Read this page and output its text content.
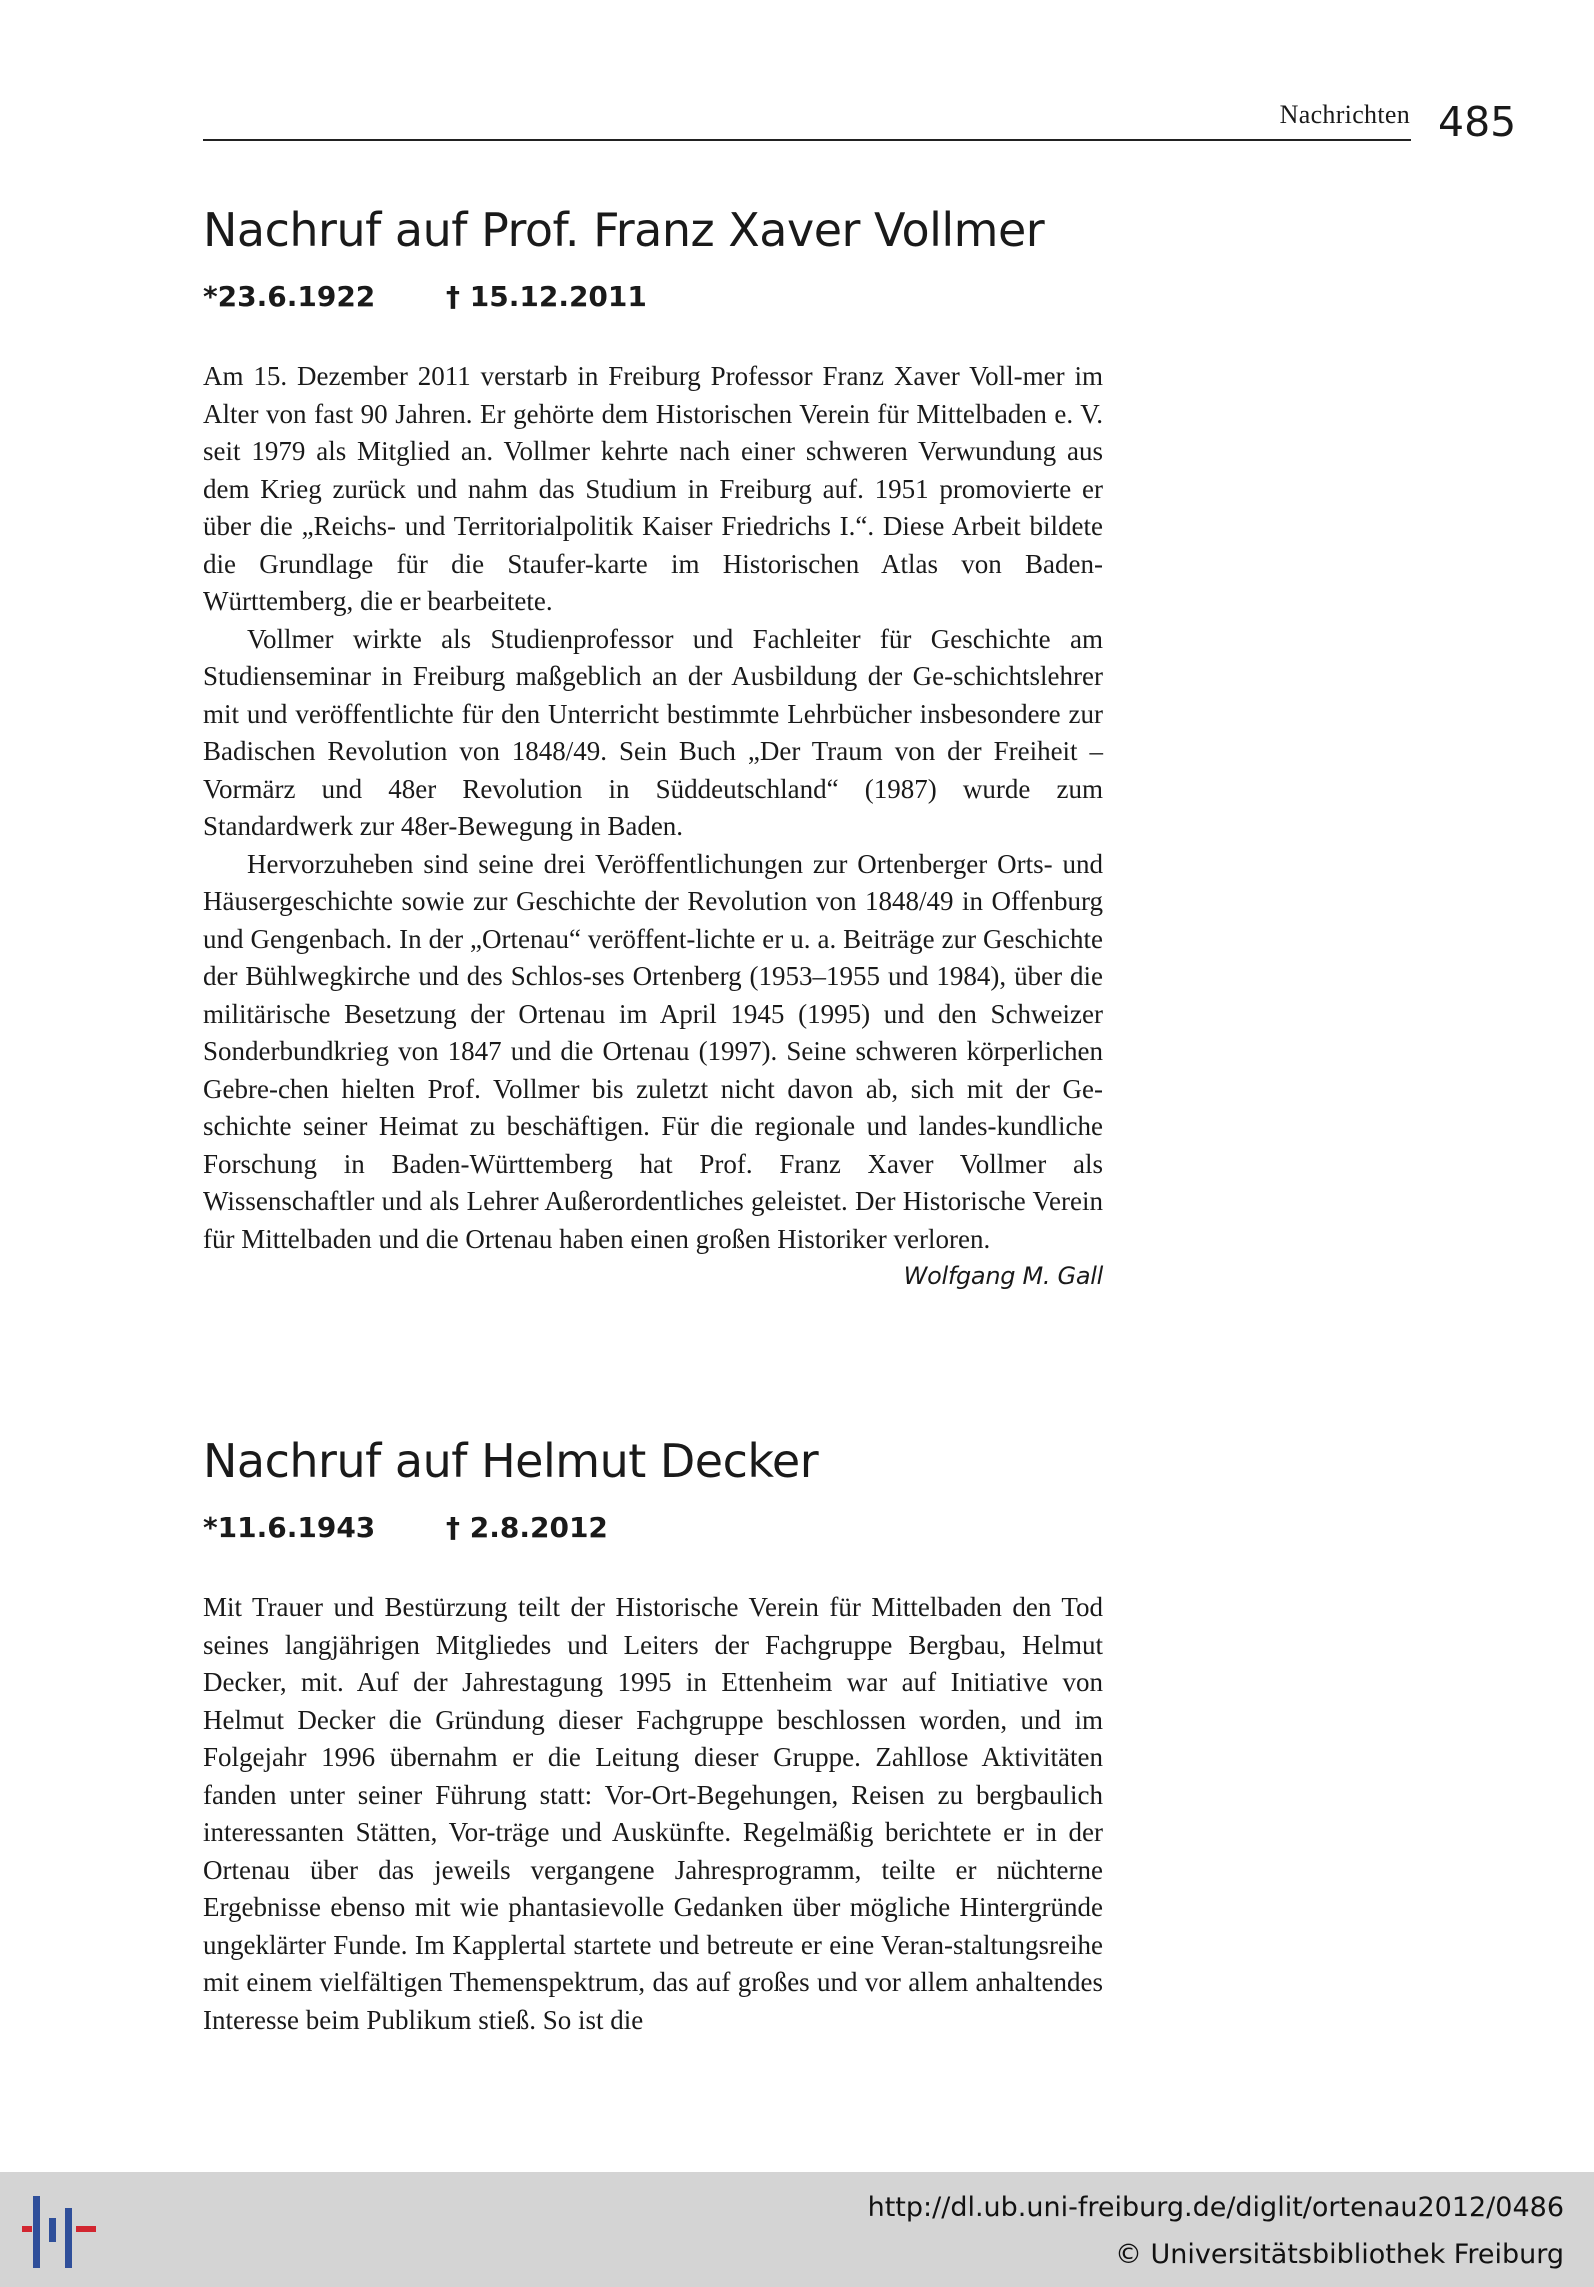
Nachrichten 485
Nachruf auf Prof. Franz Xaver Vollmer
*23.6.1922	† 15.12.2011

Am 15. Dezember 2011 verstarb in Freiburg Professor Franz Xaver Voll-mer im Alter von fast 90 Jahren. Er gehörte dem Historischen Verein für Mittelbaden e. V. seit 1979 als Mitglied an. Vollmer kehrte nach einer schweren Verwundung aus dem Krieg zurück und nahm das Studium in Freiburg auf. 1951 promovierte er über die „Reichs- und Territorialpolitik Kaiser Friedrichs I.“. Diese Arbeit bildete die Grundlage für die Staufer-karte im Historischen Atlas von Baden-Württemberg, die er bearbeitete.

Vollmer wirkte als Studienprofessor und Fachleiter für Geschichte am Studienseminar in Freiburg maßgeblich an der Ausbildung der Ge-schichtslehrer mit und veröffentlichte für den Unterricht bestimmte Lehrbücher insbesondere zur Badischen Revolution von 1848/49. Sein Buch „Der Traum von der Freiheit – Vormärz und 48er Revolution in Süddeutschland“ (1987) wurde zum Standardwerk zur 48er-Bewegung in Baden.

Hervorzuheben sind seine drei Veröffentlichungen zur Ortenberger Orts- und Häusergeschichte sowie zur Geschichte der Revolution von 1848/49 in Offenburg und Gengenbach. In der „Ortenau“ veröffent-lichte er u. a. Beiträge zur Geschichte der Bühlwegkirche und des Schlos-ses Ortenberg (1953–1955 und 1984), über die militärische Besetzung der Ortenau im April 1945 (1995) und den Schweizer Sonderbundkrieg von 1847 und die Ortenau (1997). Seine schweren körperlichen Gebre-chen hielten Prof. Vollmer bis zuletzt nicht davon ab, sich mit der Ge-schichte seiner Heimat zu beschäftigen. Für die regionale und landes-kundliche Forschung in Baden-Württemberg hat Prof. Franz Xaver Vollmer als Wissenschaftler und als Lehrer Außerordentliches geleistet. Der Historische Verein für Mittelbaden und die Ortenau haben einen großen Historiker verloren.
Wolfgang M. Gall

Nachruf auf Helmut Decker
*11.6.1943	† 2.8.2012

Mit Trauer und Bestürzung teilt der Historische Verein für Mittelbaden den Tod seines langjährigen Mitgliedes und Leiters der Fachgruppe Bergbau, Helmut Decker, mit. Auf der Jahrestagung 1995 in Ettenheim war auf Initiative von Helmut Decker die Gründung dieser Fachgruppe beschlossen worden, und im Folgejahr 1996 übernahm er die Leitung dieser Gruppe. Zahllose Aktivitäten fanden unter seiner Führung statt: Vor-Ort-Begehungen, Reisen zu bergbaulich interessanten Stätten, Vor-träge und Auskünfte. Regelmäßig berichtete er in der Ortenau über das jeweils vergangene Jahresprogramm, teilte er nüchterne Ergebnisse ebenso mit wie phantasievolle Gedanken über mögliche Hintergründe ungeklärter Funde. Im Kapplertal startete und betreute er eine Veran-staltungsreihe mit einem vielfältigen Themenspektrum, das auf großes und vor allem anhaltendes Interesse beim Publikum stieß. So ist die

http://dl.ub.uni-freiburg.de/diglit/ortenau2012/0486
© Universitätsbibliothek Freiburg
